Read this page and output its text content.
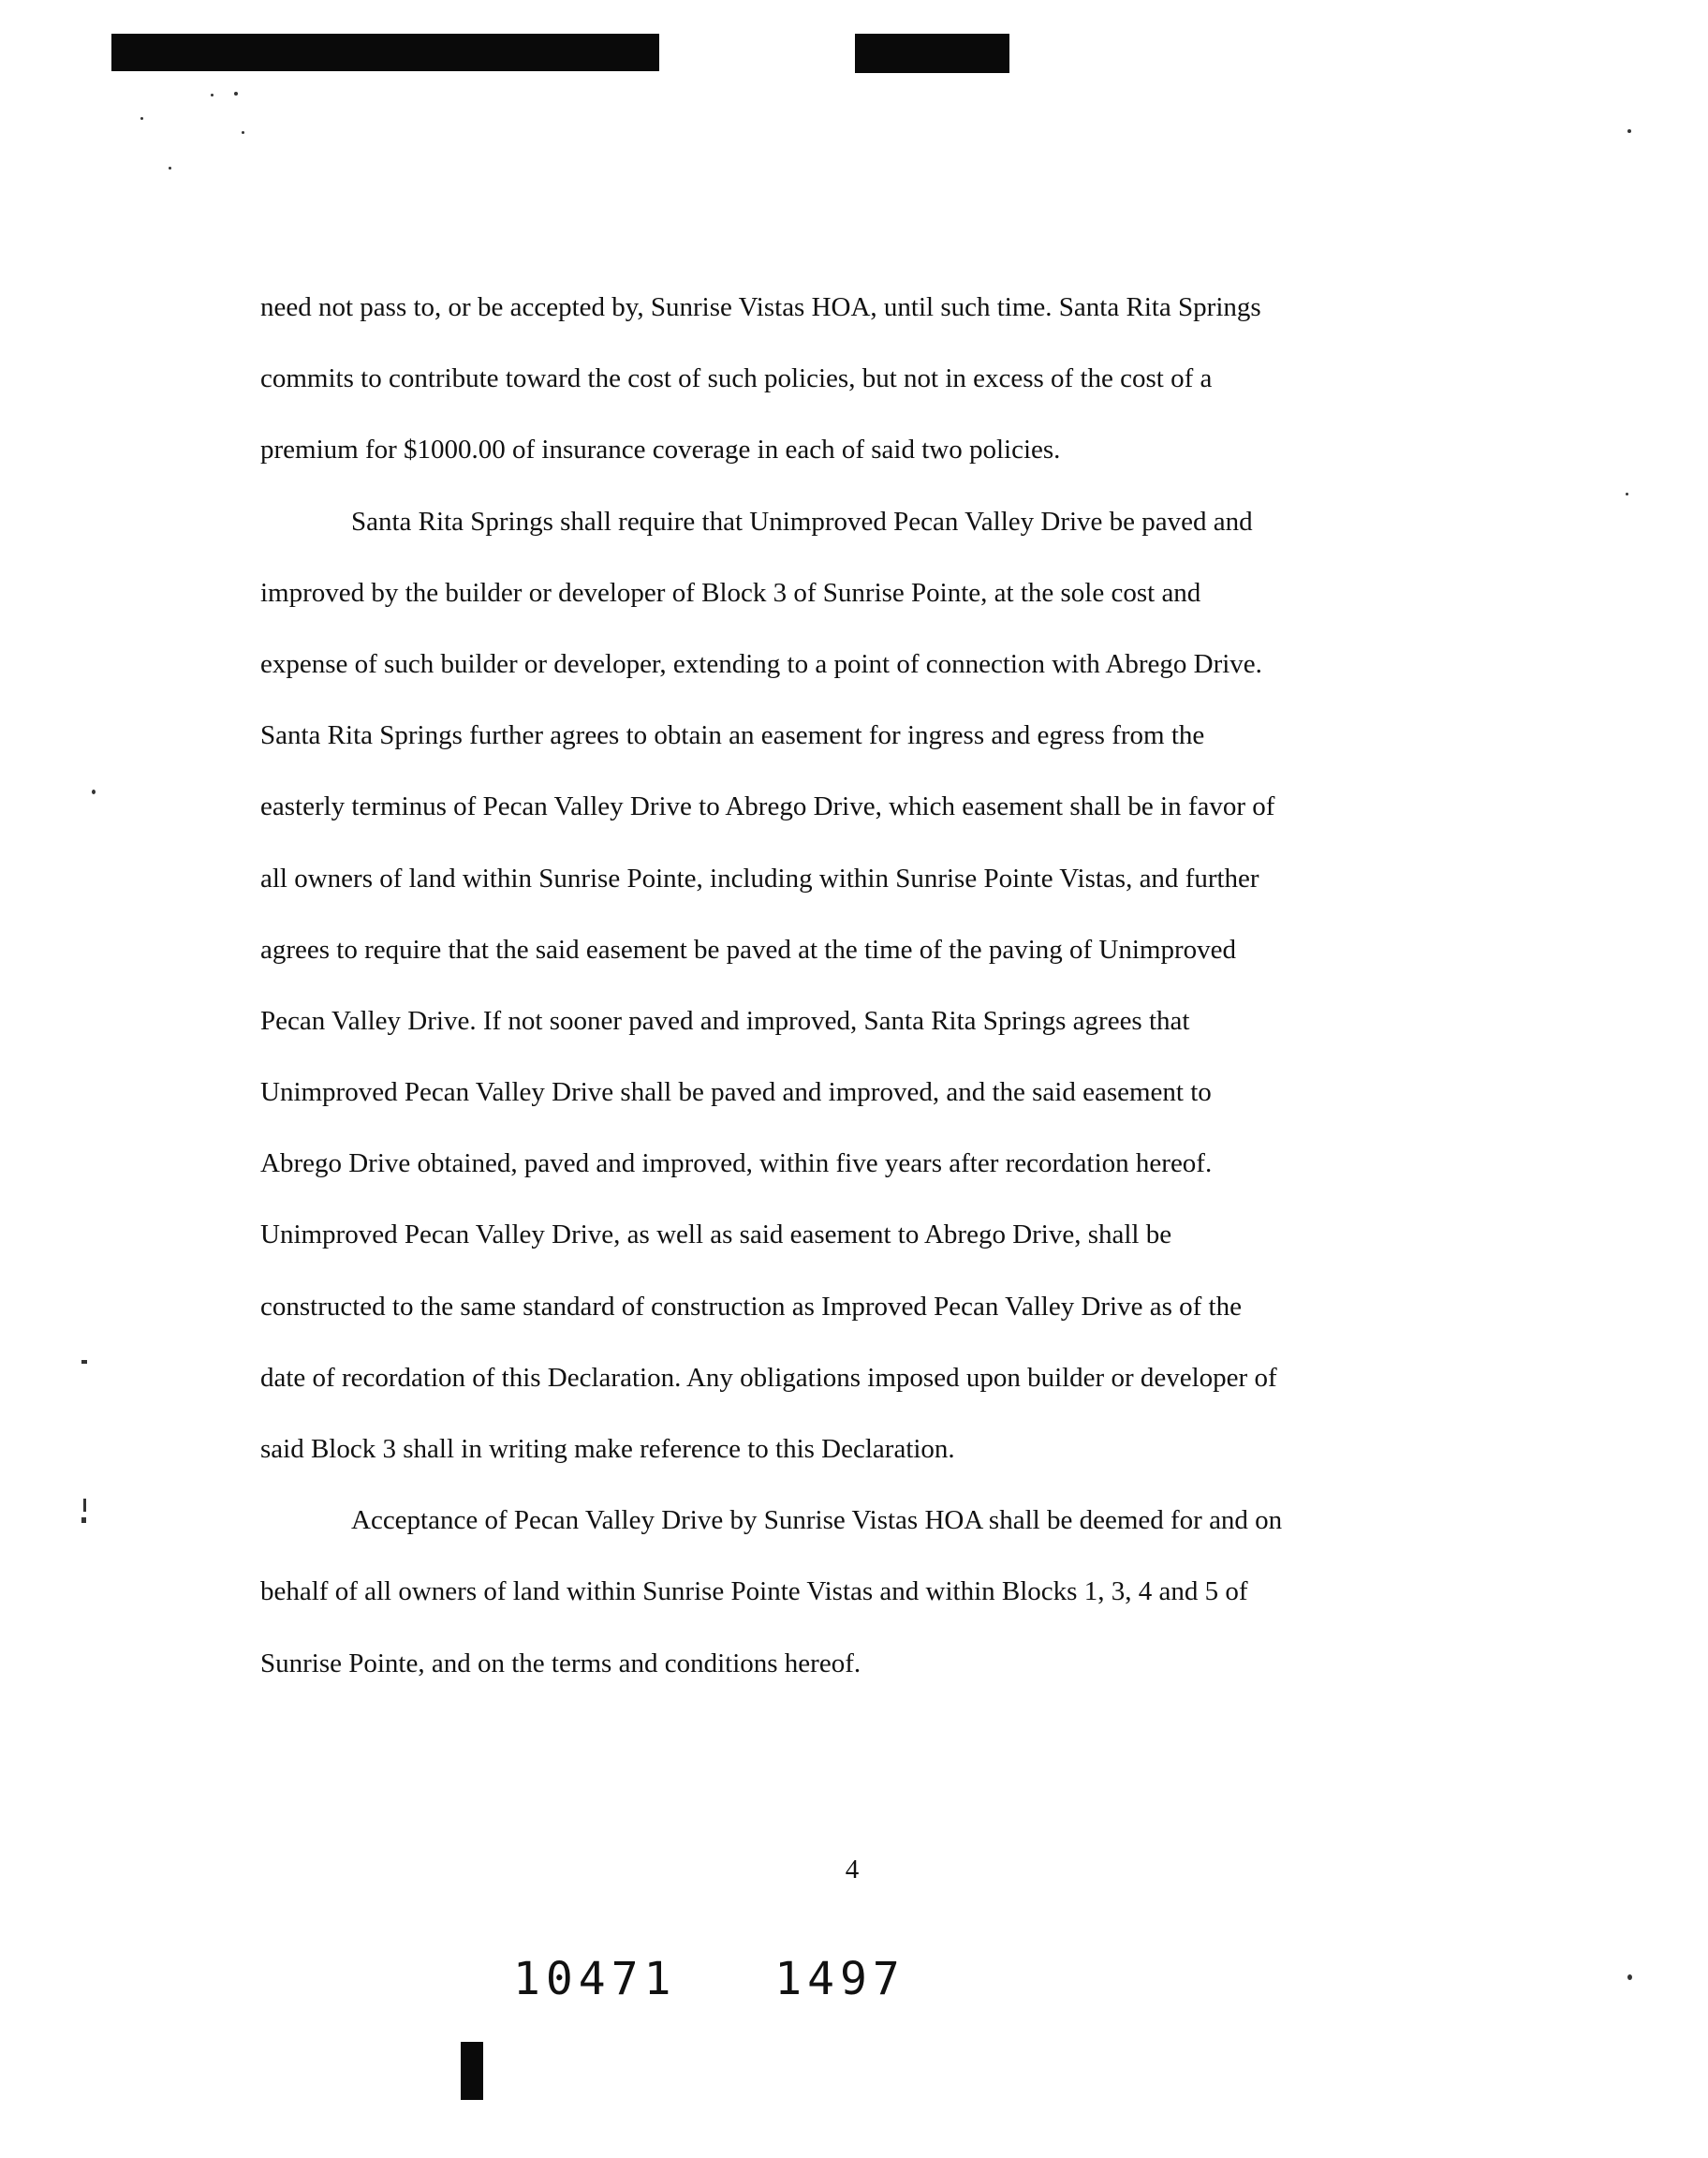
need not pass to, or be accepted by, Sunrise Vistas HOA, until such time. Santa Rita Springs
commits to contribute toward the cost of such policies, but not in excess of the cost of a
premium for $1000.00 of insurance coverage in each of said two policies.
Santa Rita Springs shall require that Unimproved Pecan Valley Drive be paved and
improved by the builder or developer of Block 3 of Sunrise Pointe, at the sole cost and
expense of such builder or developer, extending to a point of connection with Abrego Drive.
Santa Rita Springs further agrees to obtain an easement for ingress and egress from the
easterly terminus of Pecan Valley Drive to Abrego Drive, which easement shall be in favor of
all owners of land within Sunrise Pointe, including within Sunrise Pointe Vistas, and further
agrees to require that the said easement be paved at the time of the paving of Unimproved
Pecan Valley Drive. If not sooner paved and improved, Santa Rita Springs agrees that
Unimproved Pecan Valley Drive shall be paved and improved, and the said easement to
Abrego Drive obtained, paved and improved, within five years after recordation hereof.
Unimproved Pecan Valley Drive, as well as said easement to Abrego Drive, shall be
constructed to the same standard of construction as Improved Pecan Valley Drive as of the
date of recordation of this Declaration. Any obligations imposed upon builder or developer of
said Block 3 shall in writing make reference to this Declaration.
Acceptance of Pecan Valley Drive by Sunrise Vistas HOA shall be deemed for and on
behalf of all owners of land within Sunrise Pointe Vistas and within Blocks 1, 3, 4 and 5 of
Sunrise Pointe, and on the terms and conditions hereof.
4
10471   1497
